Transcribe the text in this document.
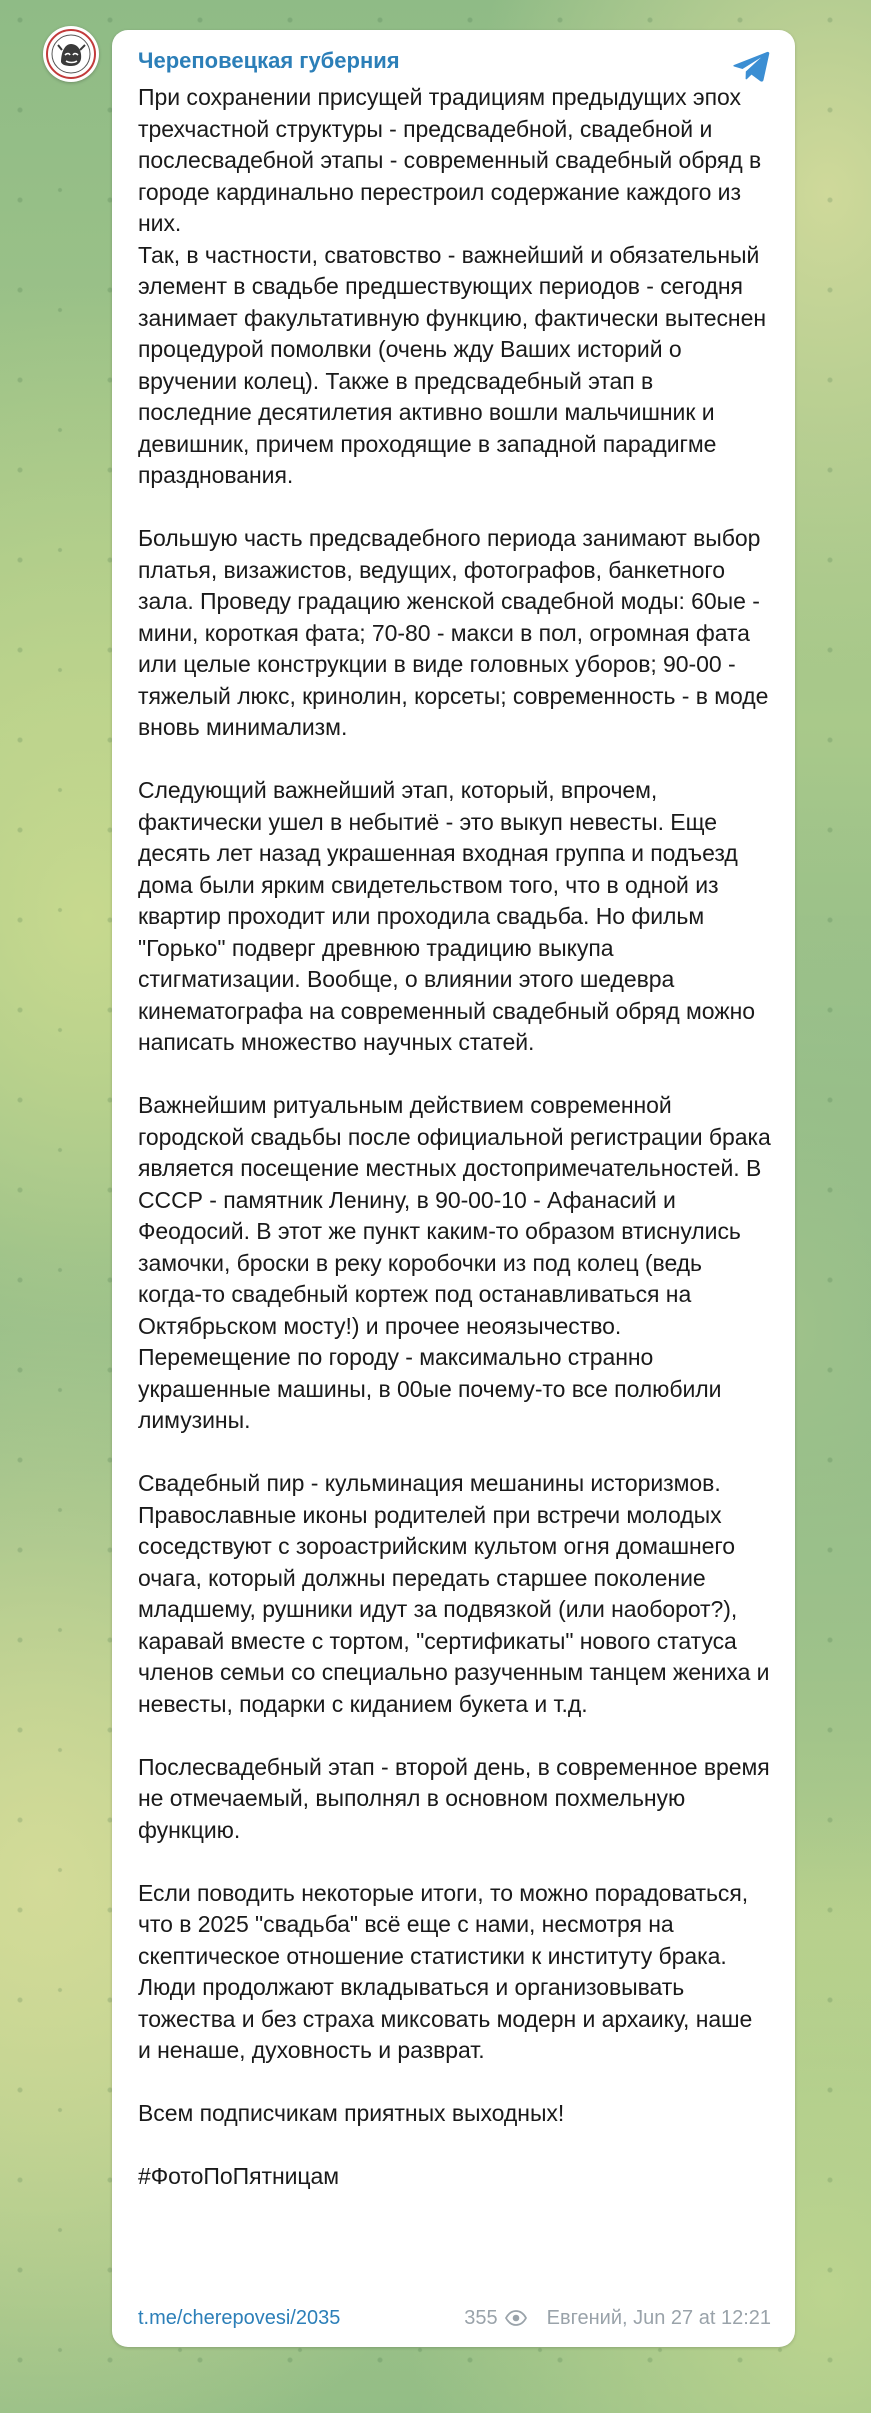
Череповецкая губерния

При сохранении присущей традициям предыдущих эпох трехчастной структуры - предсвадебной, свадебной и послесвадебной этапы - современный свадебный обряд в городе кардинально перестроил содержание каждого из них.

Так, в частности, сватовство - важнейший и обязательный элемент в свадьбе предшествующих периодов - сегодня занимает факультативную функцию, фактически вытеснен процедурой помолвки (очень жду Ваших историй о вручении колец). Также в предсвадебный этап в последние десятилетия активно вошли мальчишник и девишник, причем проходящие в западной парадигме празднования.

Большую часть предсвадебного периода занимают выбор платья, визажистов, ведущих, фотографов, банкетного зала. Проведу градацию женской свадебной моды: 60ые - мини, короткая фата; 70-80 - макси в пол, огромная фата или целые конструкции в виде головных уборов; 90-00 - тяжелый люкс, кринолин, корсеты; современность - в моде вновь минимализм.

Следующий важнейший этап, который, впрочем, фактически ушел в небытиё - это выкуп невесты. Еще десять лет назад украшенная входная группа и подъезд дома были ярким свидетельством того, что в одной из квартир проходит или проходила свадьба. Но фильм "Горько" подверг древнюю традицию выкупа стигматизации. Вообще, о влиянии этого шедевра кинематографа на современный свадебный обряд можно написать множество научных статей.

Важнейшим ритуальным действием современной городской свадьбы после официальной регистрации брака является посещение местных достопримечательностей. В СССР - памятник Ленину, в 90-00-10 - Афанасий и Феодосий. В этот же пункт каким-то образом втиснулись замочки, броски в реку коробочки из под колец (ведь когда-то свадебный кортеж под останавливаться на Октябрьском мосту!) и прочее неоязычество. Перемещение по городу - максимально странно украшенные машины, в 00ые почему-то все полюбили лимузины.

Свадебный пир - кульминация мешанины историзмов. Православные иконы родителей при встречи молодых соседствуют с зороастрийским культом огня домашнего очага, который должны передать старшее поколение младшему, рушники идут за подвязкой (или наоборот?), каравай вместе с тортом, "сертификаты" нового статуса членов семьи со специально разученным танцем жениха и невесты, подарки с киданием букета и т.д.

Послесвадебный этап - второй день, в современное время не отмечаемый, выполнял в основном похмельную функцию.

Если поводить некоторые итоги, то можно порадоваться, что в 2025 "свадьба" всё еще с нами, несмотря на скептическое отношение статистики к институту брака. Люди продолжают вкладываться и организовывать тожества и без страха миксовать модерн и архаику, наше и ненаше, духовность и разврат.

Всем подписчикам приятных выходных!

#ФотоПоПятницам

t.me/cherepovesi/2035	355 Евгений, Jun 27 at 12:21
